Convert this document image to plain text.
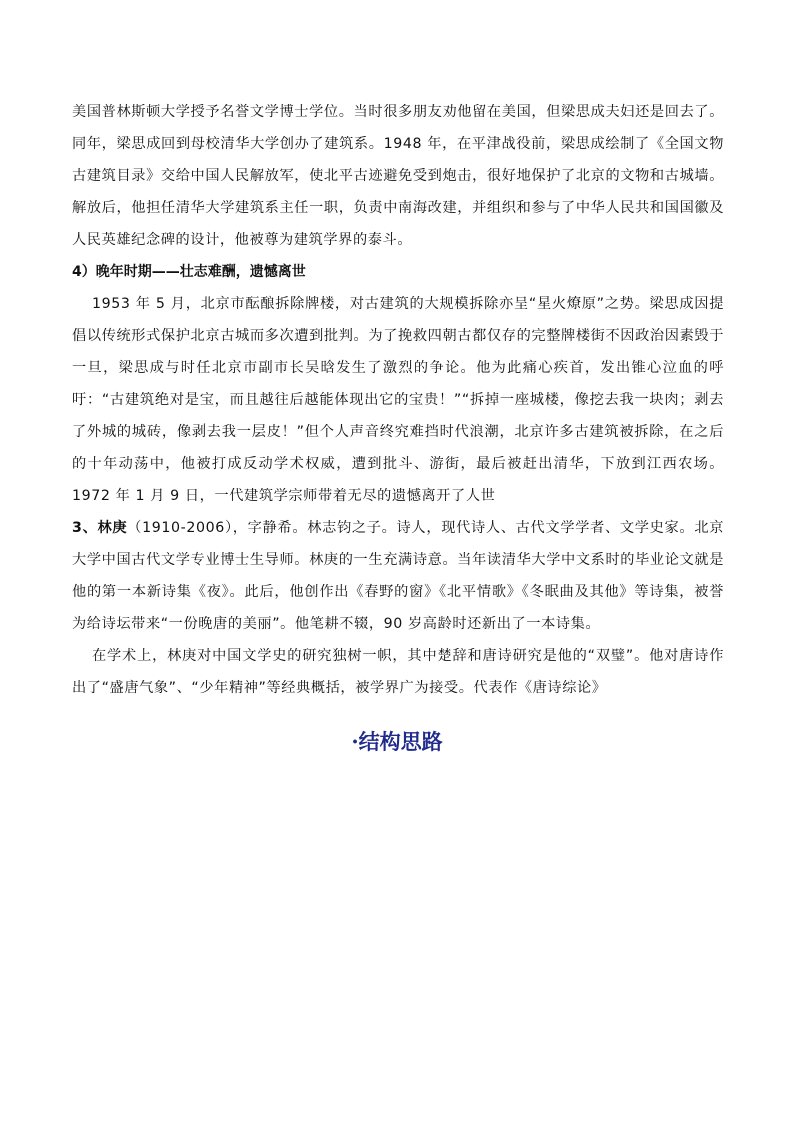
美国普林斯顿大学授予名誉文学博士学位。当时很多朋友劝他留在美国，但梁思成夫妇还是回去了。同年，梁思成回到母校清华大学创办了建筑系。1948 年，在平津战役前，梁思成绘制了《全国文物古建筑目录》交给中国人民解放军，使北平古迹避免受到炮击，很好地保护了北京的文物和古城墙。解放后，他担任清华大学建筑系主任一职，负责中南海改建，并组织和参与了中华人民共和国国徽及人民英雄纪念碑的设计，他被尊为建筑学界的泰斗。

4）晚年时期——壮志难酬，遗憾离世

1953 年 5 月，北京市酝酿拆除牌楼，对古建筑的大规模拆除亦呈“星火燎原”之势。梁思成因提倡以传统形式保护北京古城而多次遭到批判。为了挽救四朝古都仅存的完整牌楼街不因政治因素毁于一旦，梁思成与时任北京市副市长吴晗发生了激烈的争论。他为此痛心疾首，发出锥心泣血的呼吁：“古建筑绝对是宝，而且越往后越能体现出它的宝贵！”“拆掉一座城楼，像挖去我一块肉；剥去了外城的城砖，像剥去我一层皮！”但个人声音终究难挡时代浪潮，北京许多古建筑被拆除，在之后的十年动荡中，他被打成反动学术权威，遭到批斗、游街，最后被赶出清华，下放到江西农场。1972 年 1 月 9 日，一代建筑学宗师带着无尽的遗憾离开了人世

3、林庚（1910-2006），字静希。林志钧之子。诗人，现代诗人、古代文学学者、文学史家。北京大学中国古代文学专业博士生导师。林庚的一生充满诗意。当年读清华大学中文系时的毕业论文就是他的第一本新诗集《夜》。此后，他创作出《春野的窗》《北平情歌》《冬眠曲及其他》等诗集，被誉为给诗坛带来“一份晚唐的美丽”。他笔耕不辍，90 岁高龄时还新出了一本诗集。

在学术上，林庚对中国文学史的研究独树一帜，其中楚辞和唐诗研究是他的“双璧”。他对唐诗作出了“盛唐气象”、“少年精神”等经典概括，被学界广为接受。代表作《唐诗综论》

·结构思路
